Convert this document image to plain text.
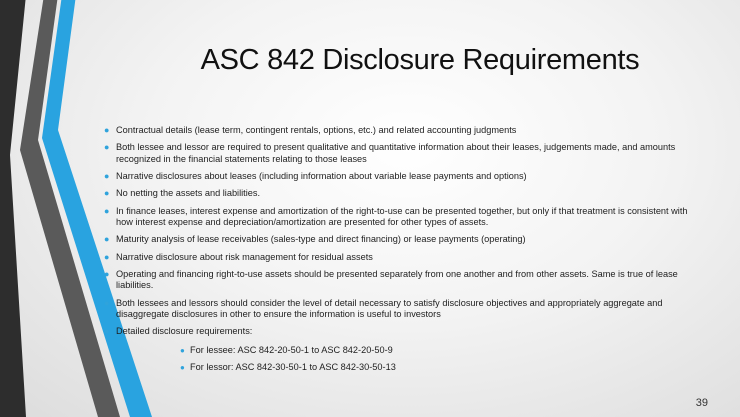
ASC 842 Disclosure Requirements
● Contractual details (lease term, contingent rentals, options, etc.) and related accounting judgments
● Both lessee and lessor are required to present qualitative and quantitative information about their leases, judgements made, and amounts recognized in the financial statements relating to those leases
● Narrative disclosures about leases (including information about variable lease payments and options)
● No netting the assets and liabilities.
● In finance leases, interest expense and amortization of the right-to-use can be presented together, but only if that treatment is consistent with how interest expense and depreciation/amortization are presented for other types of assets.
● Maturity analysis of lease receivables (sales-type and direct financing) or lease payments (operating)
● Narrative disclosure about risk management for residual assets
● Operating and financing right-to-use assets should be presented separately from one another and from other assets. Same is true of lease liabilities.
● Both lessees and lessors should consider the level of detail necessary to satisfy disclosure objectives and appropriately aggregate and disaggregate disclosures in other to ensure the information is useful to investors
● Detailed disclosure requirements:
● For lessee: ASC 842-20-50-1 to ASC 842-20-50-9
● For lessor: ASC 842-30-50-1 to ASC 842-30-50-13
39
